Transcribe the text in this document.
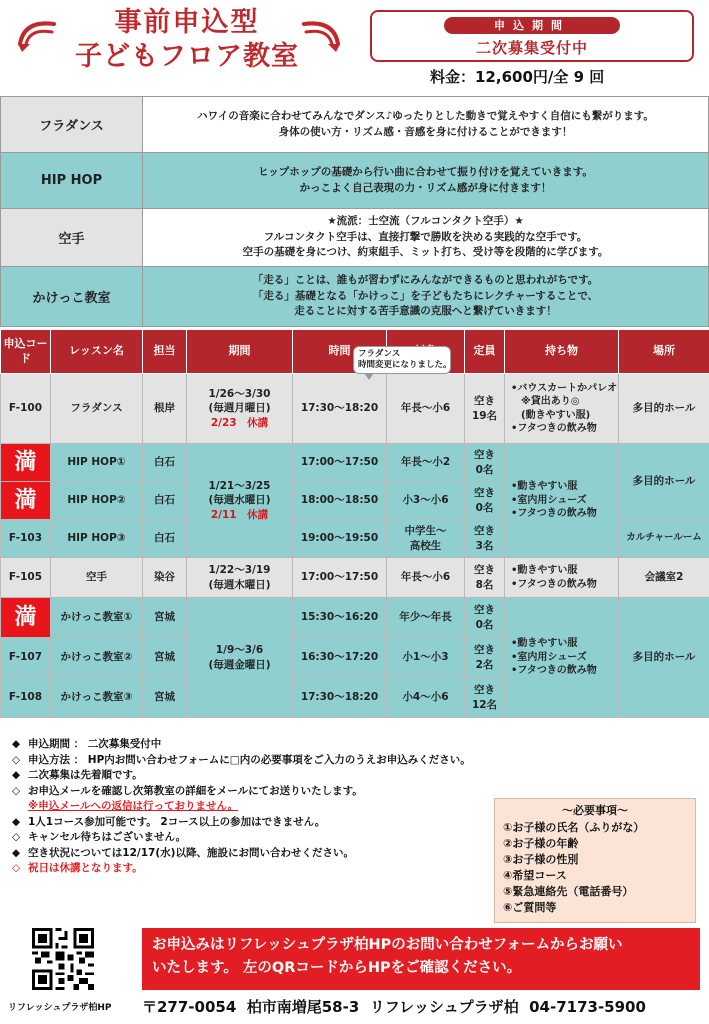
事前申込型
子どもフロア教室
申込期間
二次募集受付中
料金：12,600円/全 9 回
フラダンス	ハワイの音楽に合わせてみんなでダンス♪ゆったりとした動きで覚えやすく自信にも繋がります。
身体の使い方・リズム感・音感を身に付けることができます！

HIP HOP	ヒップホップの基礎から行い曲に合わせて振り付けを覚えていきます。
かっこよく自己表現の力・リズム感が身に付きます！

空手	★流派：士空流（フルコンタクト空手）★
フルコンタクト空手は、直接打撃で勝敗を決める実践的な空手です。
空手の基礎を身につけ、約束組手、ミット打ち、受け等を段階的に学びます。

かけっこ教室	「走る」ことは、誰もが習わずにみんなができるものと思われがちです。
「走る」基礎となる「かけっこ」を子どもたちにレクチャーすることで、
走ることに対する苦手意識の克服へと繋げていきます！
申込コード	レッスン名	担当	期間	時間		定員	持ち物	場所
F-100	フラダンス	根岸	1/26～3/30
(毎週月曜日)
2/23　休講	フラダンス
時間変更になりました。
17:30～18:20	年長～小6	空き
19名	•バウスカートかパレオ
　※貸出あり◎
　(動きやすい服)
•フタつきの飲み物	多目的ホール
満	HIP HOP①	白石	1/21～3/25
(毎週水曜日)
2/11　休講	17:00～17:50	年長～小2	空き
0名	•動きやすい服
•室内用シューズ
•フタつきの飲み物	多目的ホール
満	HIP HOP②	白石		18:00～18:50	小3～小6	空き
0名		

F-103	HIP HOP③	白石		19:00～19:50	中学生～
高校生	空き
3名		カルチャールーム
F-105	空手	染谷	1/22～3/19
(毎週木曜日)	17:00～17:50	年長～小6	空き
8名	•動きやすい服
•フタつきの飲み物	会議室2
満	かけっこ教室①	宮城	1/9～3/6
(毎週金曜日)	15:30～16:20	年少～年長	空き
0名	•動きやすい服
•室内用シューズ
•フタつきの飲み物	多目的ホール
F-107	かけっこ教室②	宮城		16:30～17:20	小1～小3	空き
2名		

F-108	かけっこ教室③	宮城		17:30～18:20	小4～小6	空き
12名		
◆ 申込期間 ： 二次募集受付中
◇ 申込方法 ： HP内お問い合わせフォームに□内の必要事項をご入力のうえお申込みください。
◆ 二次募集は先着順です。
◇ お申込メールを確認し次第教室の詳細をメールにてお送りいたします。
※申込メールへの返信は行っておりません。
◆ 1人1コース参加可能です。 2コース以上の参加はできません。
◇ キャンセル待ちはございません。
◆ 空き状況については12/17(水)以降、施設にお問い合わせください。
◇ 祝日は休講となります。
～必要事項～
①お子様の氏名（ふりがな）
②お子様の年齢
③お子様の性別
④希望コース
⑤緊急連絡先（電話番号）
⑥ご質問等
リフレッシュプラザ柏HP
お申込みはリフレッシュプラザ柏HPのお問い合わせフォームからお願い
いたします。 左のQRコードからHPをご確認ください。
〒277-0054  柏市南増尾58-3  リフレッシュプラザ柏  04-7173-5900
